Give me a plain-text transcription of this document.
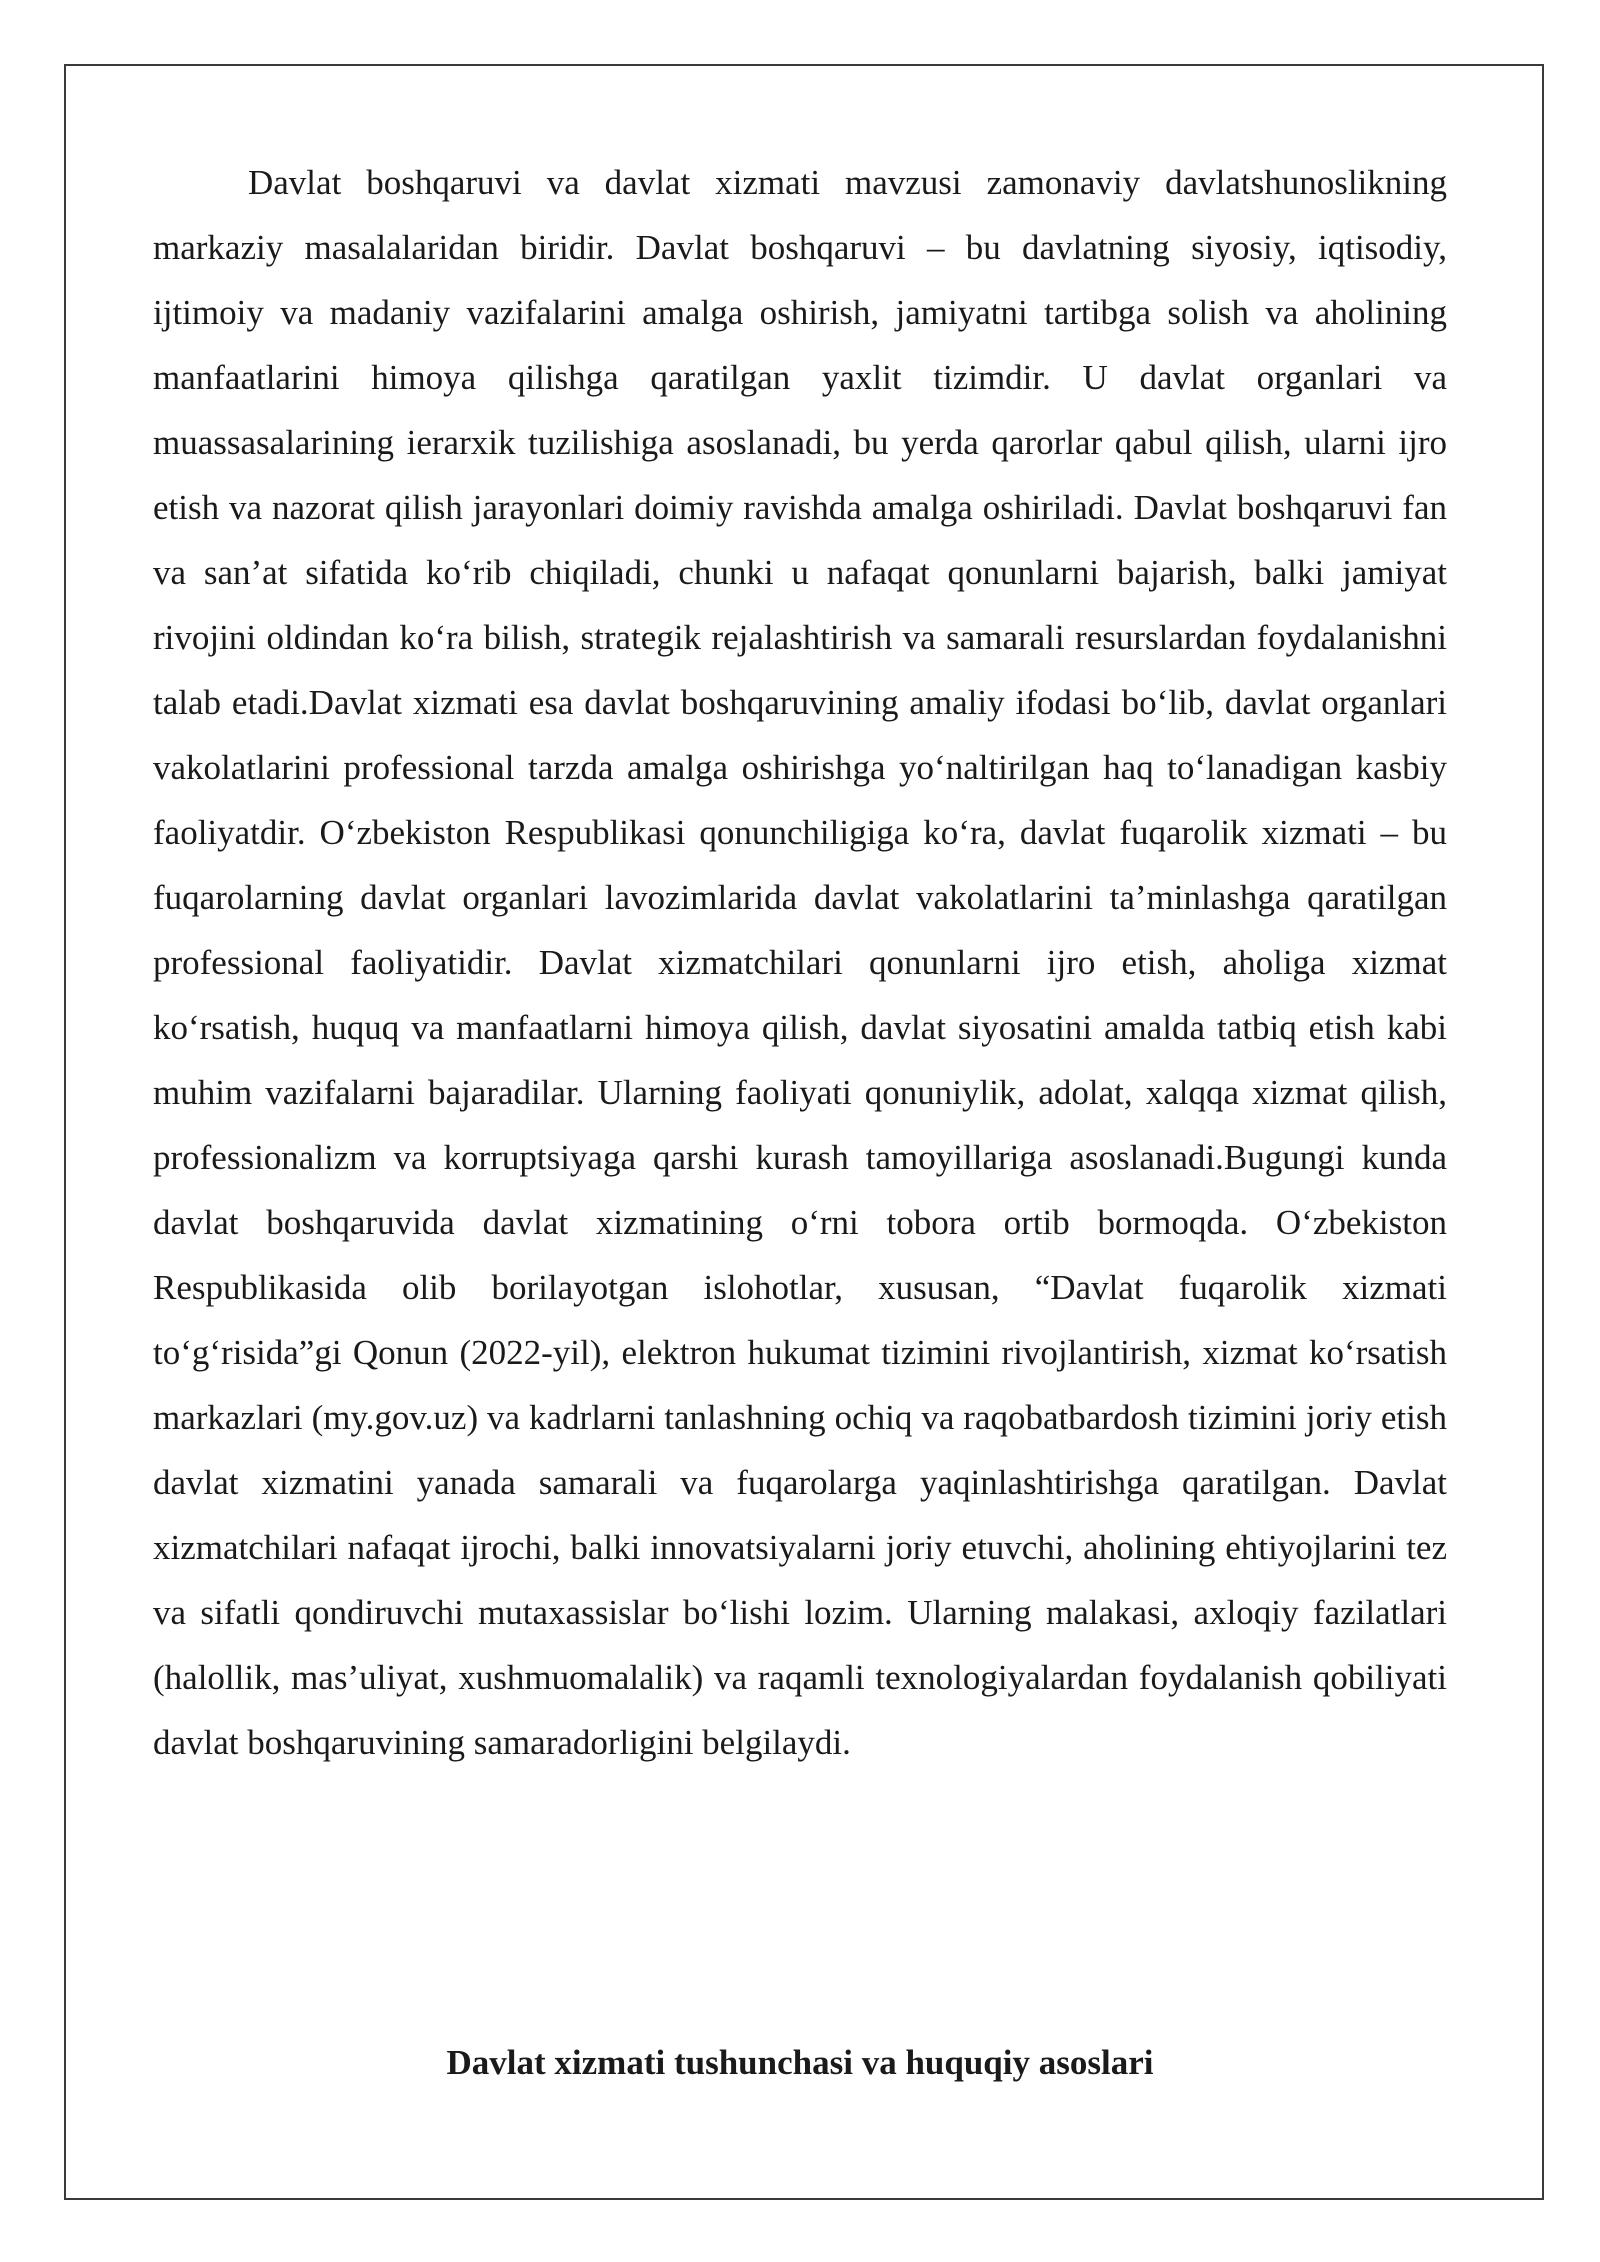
Davlat boshqaruvi va davlat xizmati mavzusi zamonaviy davlatshunoslikning markaziy masalalaridan biridir. Davlat boshqaruvi – bu davlatning siyosiy, iqtisodiy, ijtimoiy va madaniy vazifalarini amalga oshirish, jamiyatni tartibga solish va aholining manfaatlarini himoya qilishga qaratilgan yaxlit tizimdir. U davlat organlari va muassasalarining ierarxik tuzilishiga asoslanadi, bu yerda qarorlar qabul qilish, ularni ijro etish va nazorat qilish jarayonlari doimiy ravishda amalga oshiriladi. Davlat boshqaruvi fan va san’at sifatida ko‘rib chiqiladi, chunki u nafaqat qonunlarni bajarish, balki jamiyat rivojini oldindan ko‘ra bilish, strategik rejalashtirish va samarali resurslardan foydalanishni talab etadi.Davlat xizmati esa davlat boshqaruvining amaliy ifodasi bo‘lib, davlat organlari vakolatlarini professional tarzda amalga oshirishga yo‘naltirilgan haq to‘lanadigan kasbiy faoliyatdir. O‘zbekiston Respublikasi qonunchiligiga ko‘ra, davlat fuqarolik xizmati – bu fuqarolarning davlat organlari lavozimlarida davlat vakolatlarini ta’minlashga qaratilgan professional faoliyatidir. Davlat xizmatchilari qonunlarni ijro etish, aholiga xizmat ko‘rsatish, huquq va manfaatlarni himoya qilish, davlat siyosatini amalda tatbiq etish kabi muhim vazifalarni bajaradilar. Ularning faoliyati qonuniylik, adolat, xalqqa xizmat qilish, professionalizm va korruptsiyaga qarshi kurash tamoyillariga asoslanadi.Bugungi kunda davlat boshqaruvida davlat xizmatining o‘rni tobora ortib bormoqda. O‘zbekiston Respublikasida olib borilayotgan islohotlar, xususan, “Davlat fuqarolik xizmati to‘g‘risida”gi Qonun (2022-yil), elektron hukumat tizimini rivojlantirish, xizmat ko‘rsatish markazlari (my.gov.uz) va kadrlarni tanlashning ochiq va raqobatbardosh tizimini joriy etish davlat xizmatini yanada samarali va fuqarolarga yaqinlashtirishga qaratilgan. Davlat xizmatchilari nafaqat ijrochi, balki innovatsiyalarni joriy etuvchi, aholining ehtiyojlarini tez va sifatli qondiruvchi mutaxassislar bo‘lishi lozim. Ularning malakasi, axloqiy fazilatlari (halollik, mas’uliyat, xushmuomalalik) va raqamli texnologiyalardan foydalanish qobiliyati davlat boshqaruvining samaradorligini belgilaydi.

Davlat xizmati tushunchasi va huquqiy asoslari
